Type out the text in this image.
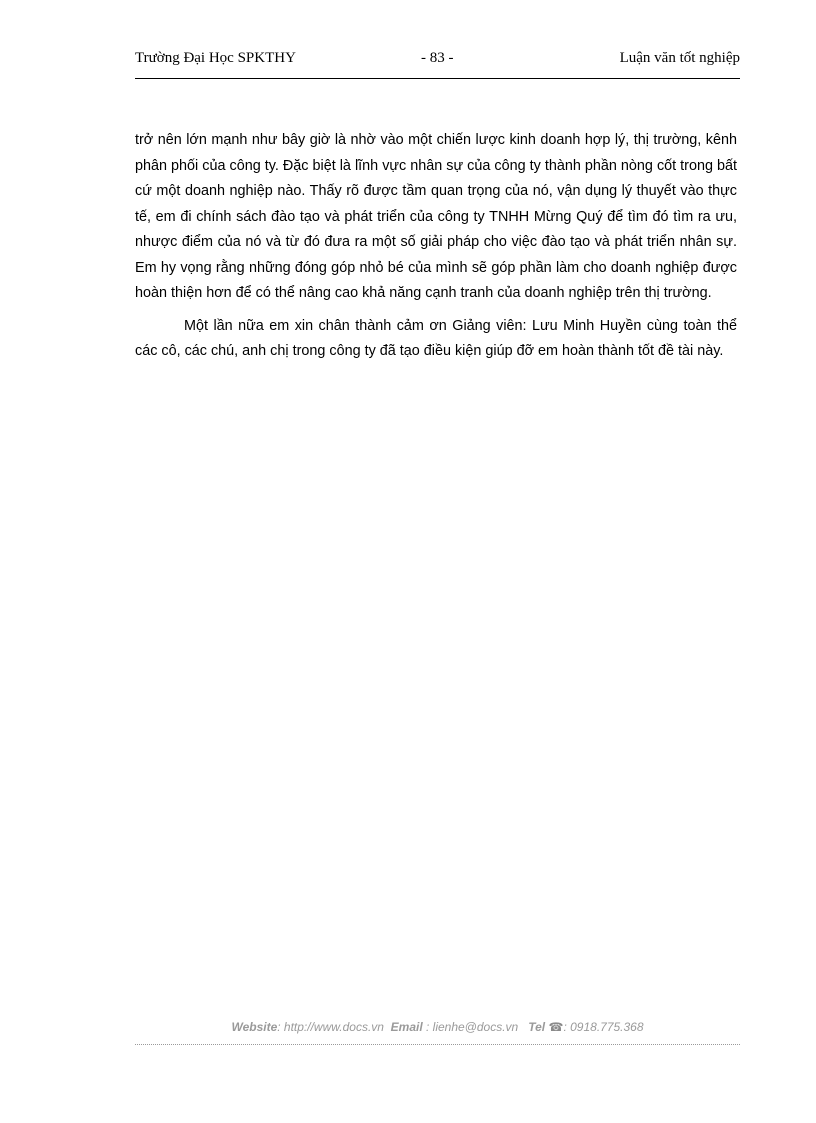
Trường Đại Học SPKTHY	- 83 -	Luận văn tốt nghiệp

trở nên lớn mạnh như bây giờ là nhờ vào một chiến lược kinh doanh hợp lý, thị trường, kênh phân phối của công ty. Đặc biệt là lĩnh vực nhân sự của công ty thành phần nòng cốt trong bất cứ một doanh nghiệp nào. Thấy rõ được tầm quan trọng của nó, vận dụng lý thuyết vào thực tế, em đi chính sách đào tạo và phát triển của công ty TNHH Mừng Quý để tìm đó tìm ra ưu, nhược điểm của nó và từ đó đưa ra một số giải pháp cho việc đào tạo và phát triển nhân sự. Em hy vọng rằng những đóng góp nhỏ bé của mình sẽ góp phần làm cho doanh nghiệp được hoàn thiện hơn để có thể nâng cao khả năng cạnh tranh của doanh nghiệp trên thị trường.

Một lần nữa em xin chân thành cảm ơn Giảng viên: Lưu Minh Huyền cùng toàn thể các cô, các chú, anh chị trong công ty đã tạo điều kiện giúp đỡ em hoàn thành tốt đề tài này.

Website: http://www.docs.vn Email : lienhe@docs.vn Tel ☎: 0918.775.368
